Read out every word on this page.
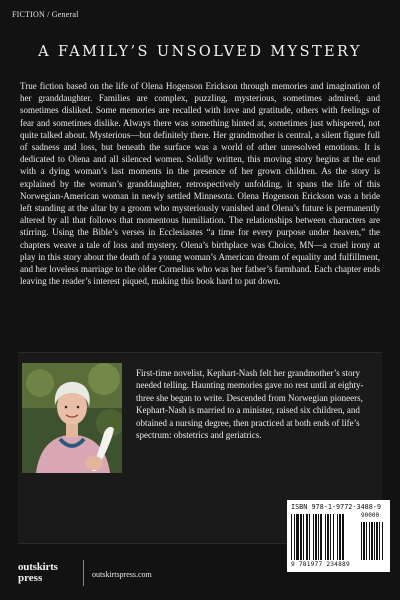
FICTION / General
A FAMILY’S UNSOLVED MYSTERY
True fiction based on the life of Olena Hogenson Erickson through memories and imagination of her granddaughter. Families are complex, puzzling, mysterious, sometimes admired, and sometimes disliked. Some memories are recalled with love and gratitude, others with feelings of fear and sometimes dislike. Always there was something hinted at, sometimes just whispered, not quite talked about. Mysterious—but definitely there. Her grandmother is central, a silent figure full of sadness and loss, but beneath the surface was a world of other unresolved emotions. It is dedicated to Olena and all silenced women. Solidly written, this moving story begins at the end with a dying woman’s last moments in the presence of her grown children. As the story is explained by the woman’s granddaughter, retrospectively unfolding, it spans the life of this Norwegian-American woman in newly settled Minnesota. Olena Hogenson Erickson was a bride left standing at the altar by a groom who mysteriously vanished and Olena’s future is permanently altered by all that follows that momentous humiliation. The relationships between characters are stirring. Using the Bible’s verses in Ecclesiastes “a time for every purpose under heaven,” the chapters weave a tale of loss and mystery. Olena’s birthplace was Choice, MN—a cruel irony at play in this story about the death of a young woman’s American dream of equality and fulfillment, and her loveless marriage to the older Cornelius who was her father’s farmhand. Each chapter ends leaving the reader’s interest piqued, making this book hard to put down.
First-time novelist, Kephart-Nash felt her grandmother’s story needed telling. Haunting memories gave no rest until at eighty-three she began to write. Descended from Norwegian pioneers, Kephart-Nash is married to a minister, raised six children, and obtained a nursing degree, then practiced at both ends of life’s spectrum: obstetrics and geriatrics.
ISBN 978-1-9772-3488-9
90000
9 781977 234889
outskirts
press	outskirtspress.com
